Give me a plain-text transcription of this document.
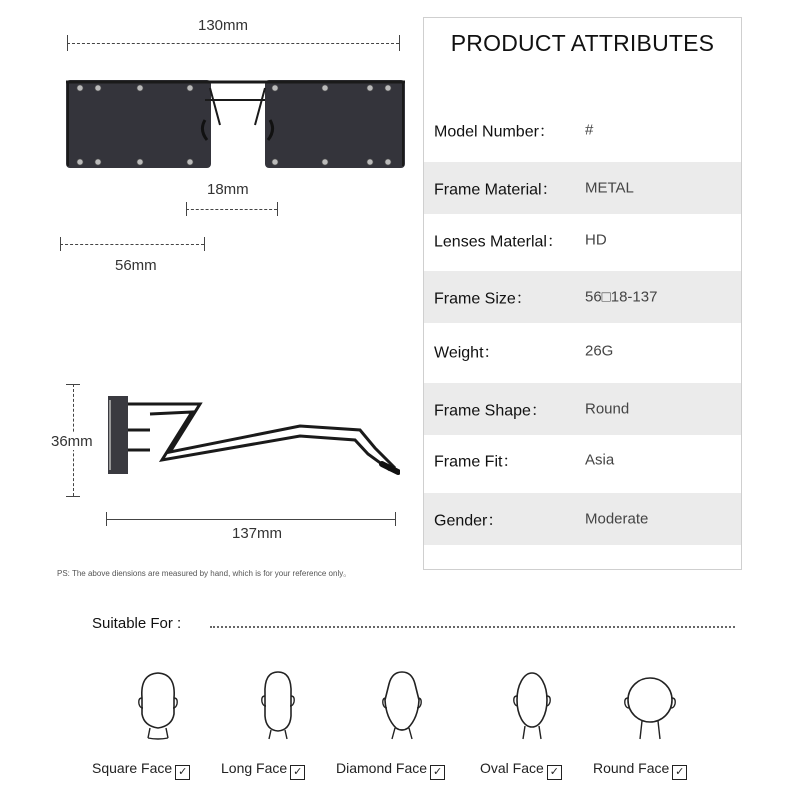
130mm
18mm
56mm
36mm
137mm
PS: The above diensions are measured by hand, which is for your reference only。
PRODUCT ATTRIBUTES
Model Number： #
Frame Material： METAL
Lenses Materlal： HD
Frame Size：	56□18-137
Weight：	26G
Frame Shape：	Round
Frame Fit：	Asia
Gender：	Moderate
Suitable For :
Square Face ✓ Long Face ✓ Diamond Face ✓	Oval Face ✓ Round Face ✓
